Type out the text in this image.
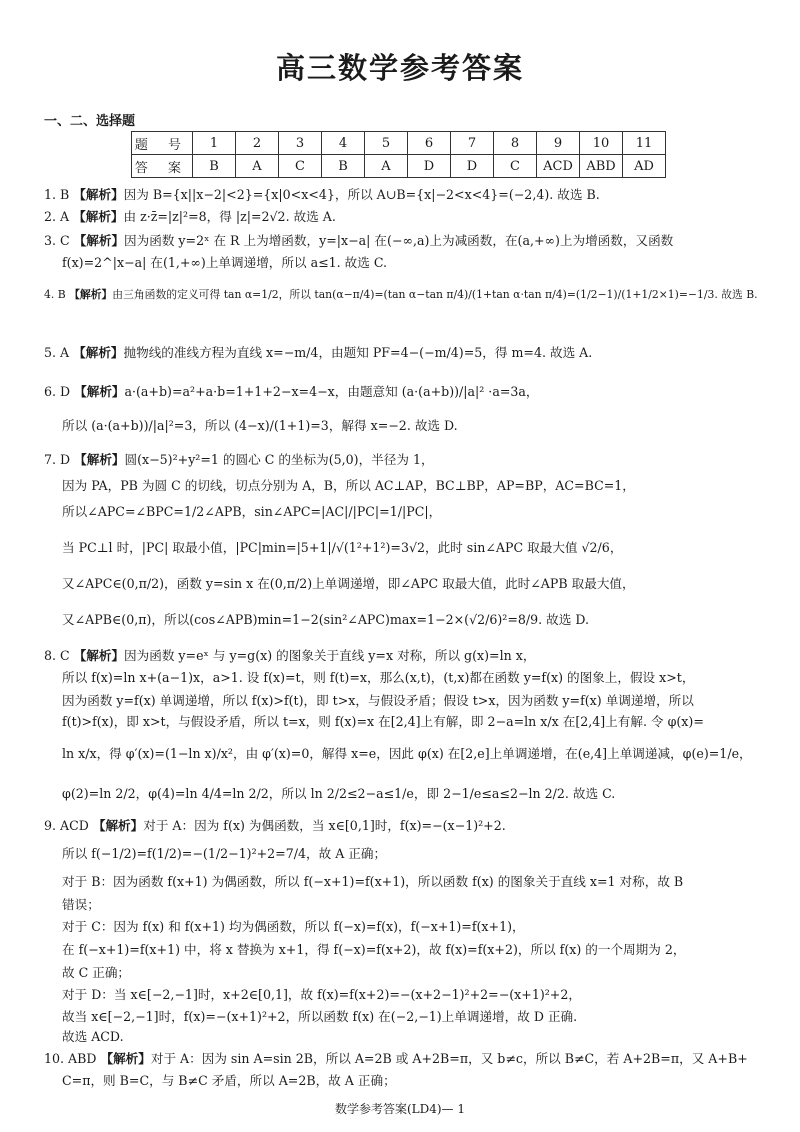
高三数学参考答案
一、二、选择题
题 号	1	2	3	4	5	6	7	8	9	10	11
答 案	B	A	C	B	A	D	D	C	ACD	ABD	AD
1. B 【解析】因为 B={x||x−2|<2}={x|0<x<4}，所以 A∪B={x|−2<x<4}=(−2,4). 故选 B.
2. A 【解析】由 z·z̄=|z|²=8，得 |z|=2√2. 故选 A.
3. C 【解析】因为函数 y=2ˣ 在 R 上为增函数，y=|x−a| 在(−∞,a)上为减函数，在(a,+∞)上为增函数，又函数
f(x)=2^|x−a| 在(1,+∞)上单调递增，所以 a≤1. 故选 C.
4. B 【解析】由三角函数的定义可得 tan α=1/2，所以 tan(α−π/4)=(tan α−tan π/4)/(1+tan α·tan π/4)=(1/2−1)/(1+1/2×1)=−1/3. 故选 B.
5. A 【解析】抛物线的准线方程为直线 x=−m/4，由题知 PF=4−(−m/4)=5，得 m=4. 故选 A.
6. D 【解析】a·(a+b)=a²+a·b=1+1+2−x=4−x，由题意知 (a·(a+b))/|a|² ·a=3a，
所以 (a·(a+b))/|a|²=3，所以 (4−x)/(1+1)=3，解得 x=−2. 故选 D.
7. D 【解析】圆(x−5)²+y²=1 的圆心 C 的坐标为(5,0)，半径为 1，
因为 PA，PB 为圆 C 的切线，切点分别为 A，B，所以 AC⊥AP，BC⊥BP，AP=BP，AC=BC=1，
所以∠APC=∠BPC=1/2∠APB，sin∠APC=|AC|/|PC|=1/|PC|，
当 PC⊥l 时，|PC| 取最小值，|PC|min=|5+1|/√(1²+1²)=3√2，此时 sin∠APC 取最大值 √2/6，
又∠APC∈(0,π/2)，函数 y=sin x 在(0,π/2)上单调递增，即∠APC 取最大值，此时∠APB 取最大值，
又∠APB∈(0,π)，所以(cos∠APB)min=1−2(sin²∠APC)max=1−2×(√2/6)²=8/9. 故选 D.
8. C 【解析】因为函数 y=eˣ 与 y=g(x) 的图象关于直线 y=x 对称，所以 g(x)=ln x，
所以 f(x)=ln x+(a−1)x，a>1. 设 f(x)=t，则 f(t)=x，那么(x,t)，(t,x)都在函数 y=f(x) 的图象上，假设 x>t，
因为函数 y=f(x) 单调递增，所以 f(x)>f(t)，即 t>x，与假设矛盾；假设 t>x，因为函数 y=f(x) 单调递增，所以
f(t)>f(x)，即 x>t，与假设矛盾，所以 t=x，则 f(x)=x 在[2,4]上有解，即 2−a=ln x/x 在[2,4]上有解. 令 φ(x)=
ln x/x，得 φ′(x)=(1−ln x)/x²，由 φ′(x)=0，解得 x=e，因此 φ(x) 在[2,e]上单调递增，在(e,4]上单调递减，φ(e)=1/e，
φ(2)=ln 2/2，φ(4)=ln 4/4=ln 2/2，所以 ln 2/2≤2−a≤1/e，即 2−1/e≤a≤2−ln 2/2. 故选 C.
9. ACD 【解析】对于 A：因为 f(x) 为偶函数，当 x∈[0,1]时，f(x)=−(x−1)²+2.
所以 f(−1/2)=f(1/2)=−(1/2−1)²+2=7/4，故 A 正确；
对于 B：因为函数 f(x+1) 为偶函数，所以 f(−x+1)=f(x+1)，所以函数 f(x) 的图象关于直线 x=1 对称，故 B
错误；
对于 C：因为 f(x) 和 f(x+1) 均为偶函数，所以 f(−x)=f(x)，f(−x+1)=f(x+1)，
在 f(−x+1)=f(x+1) 中，将 x 替换为 x+1，得 f(−x)=f(x+2)，故 f(x)=f(x+2)，所以 f(x) 的一个周期为 2，
故 C 正确；
对于 D：当 x∈[−2,−1]时，x+2∈[0,1]，故 f(x)=f(x+2)=−(x+2−1)²+2=−(x+1)²+2，
故当 x∈[−2,−1]时，f(x)=−(x+1)²+2，所以函数 f(x) 在(−2,−1)上单调递增，故 D 正确.
故选 ACD.
10. ABD 【解析】对于 A：因为 sin A=sin 2B，所以 A=2B 或 A+2B=π，又 b≠c，所以 B≠C，若 A+2B=π，又 A+B+
C=π，则 B=C，与 B≠C 矛盾，所以 A=2B，故 A 正确；
数学参考答案(LD4)— 1
